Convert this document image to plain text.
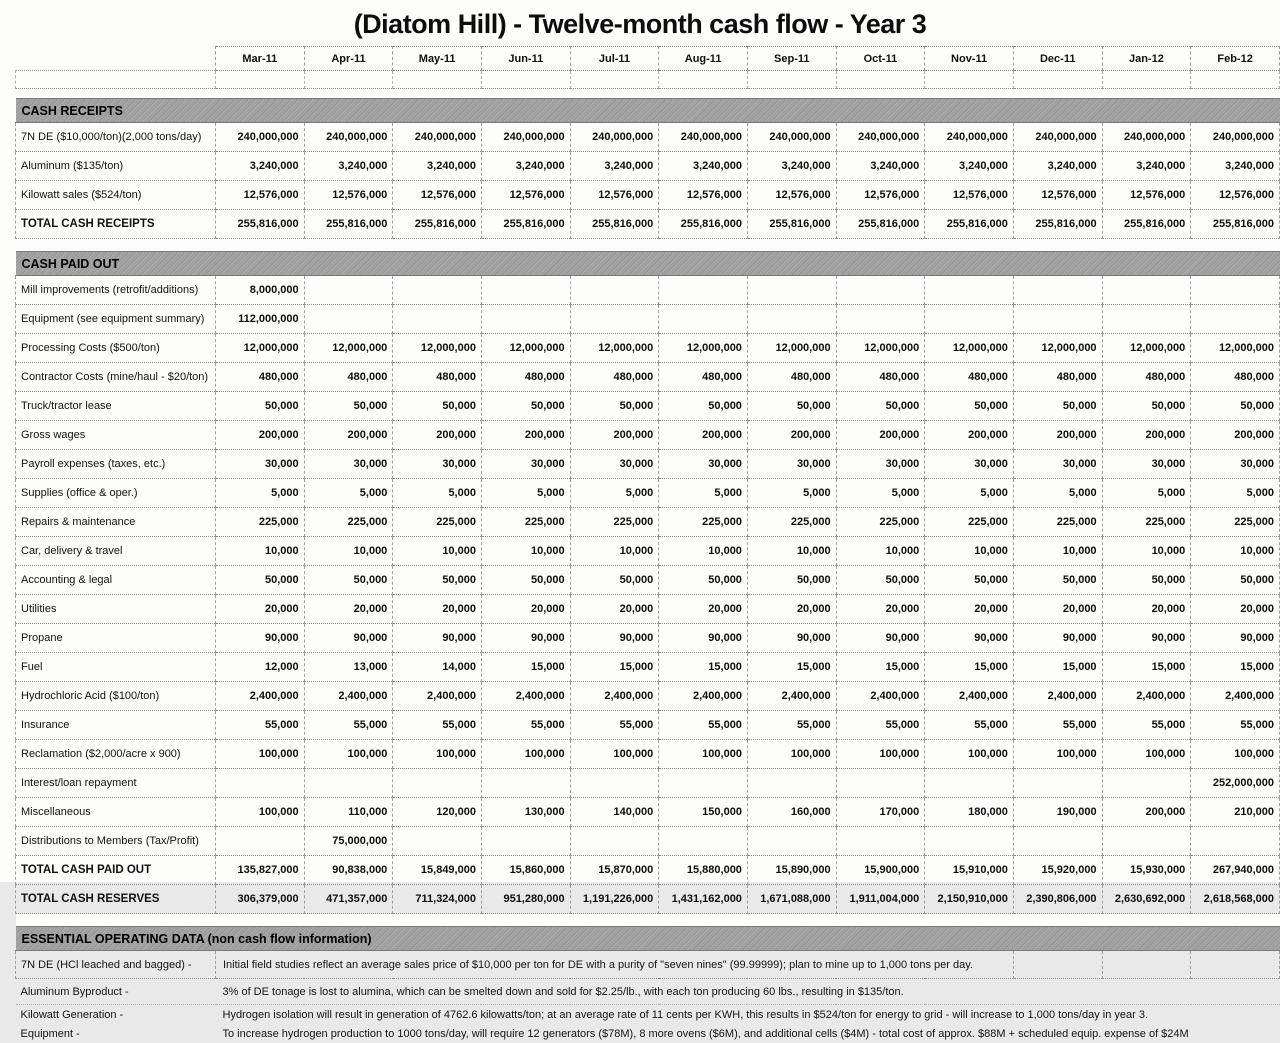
(Diatom Hill) - Twelve-month cash flow - Year 3
	Mar-11	Apr-11	May-11	Jun-11	Jul-11	Aug-11	Sep-11	Oct-11	Nov-11	Dec-11	Jan-12	Feb-12

CASH RECEIPTS												
7N DE ($10,000/ton)(2,000 tons/day)	240,000,000	240,000,000	240,000,000	240,000,000	240,000,000	240,000,000	240,000,000	240,000,000	240,000,000	240,000,000	240,000,000	240,000,000
Aluminum ($135/ton)	3,240,000	3,240,000	3,240,000	3,240,000	3,240,000	3,240,000	3,240,000	3,240,000	3,240,000	3,240,000	3,240,000	3,240,000
Kilowatt sales ($524/ton)	12,576,000	12,576,000	12,576,000	12,576,000	12,576,000	12,576,000	12,576,000	12,576,000	12,576,000	12,576,000	12,576,000	12,576,000
TOTAL CASH RECEIPTS	255,816,000	255,816,000	255,816,000	255,816,000	255,816,000	255,816,000	255,816,000	255,816,000	255,816,000	255,816,000	255,816,000	255,816,000

CASH PAID OUT												
Mill improvements (retrofit/additions)	8,000,000											
Equipment (see equipment summary)	112,000,000											
Processing Costs ($500/ton)	12,000,000	12,000,000	12,000,000	12,000,000	12,000,000	12,000,000	12,000,000	12,000,000	12,000,000	12,000,000	12,000,000	12,000,000
Contractor Costs (mine/haul - $20/ton)	480,000	480,000	480,000	480,000	480,000	480,000	480,000	480,000	480,000	480,000	480,000	480,000
Truck/tractor lease	50,000	50,000	50,000	50,000	50,000	50,000	50,000	50,000	50,000	50,000	50,000	50,000
Gross wages	200,000	200,000	200,000	200,000	200,000	200,000	200,000	200,000	200,000	200,000	200,000	200,000
Payroll expenses (taxes, etc.)	30,000	30,000	30,000	30,000	30,000	30,000	30,000	30,000	30,000	30,000	30,000	30,000
Supplies (office & oper.)	5,000	5,000	5,000	5,000	5,000	5,000	5,000	5,000	5,000	5,000	5,000	5,000
Repairs & maintenance	225,000	225,000	225,000	225,000	225,000	225,000	225,000	225,000	225,000	225,000	225,000	225,000
Car, delivery & travel	10,000	10,000	10,000	10,000	10,000	10,000	10,000	10,000	10,000	10,000	10,000	10,000
Accounting & legal	50,000	50,000	50,000	50,000	50,000	50,000	50,000	50,000	50,000	50,000	50,000	50,000
Utilities	20,000	20,000	20,000	20,000	20,000	20,000	20,000	20,000	20,000	20,000	20,000	20,000
Propane	90,000	90,000	90,000	90,000	90,000	90,000	90,000	90,000	90,000	90,000	90,000	90,000
Fuel	12,000	13,000	14,000	15,000	15,000	15,000	15,000	15,000	15,000	15,000	15,000	15,000
Hydrochloric Acid ($100/ton)	2,400,000	2,400,000	2,400,000	2,400,000	2,400,000	2,400,000	2,400,000	2,400,000	2,400,000	2,400,000	2,400,000	2,400,000
Insurance	55,000	55,000	55,000	55,000	55,000	55,000	55,000	55,000	55,000	55,000	55,000	55,000
Reclamation ($2,000/acre x 900)	100,000	100,000	100,000	100,000	100,000	100,000	100,000	100,000	100,000	100,000	100,000	100,000
Interest/loan repayment												252,000,000
Miscellaneous	100,000	110,000	120,000	130,000	140,000	150,000	160,000	170,000	180,000	190,000	200,000	210,000
Distributions to Members (Tax/Profit)		75,000,000										
TOTAL CASH PAID OUT	135,827,000	90,838,000	15,849,000	15,860,000	15,870,000	15,880,000	15,890,000	15,900,000	15,910,000	15,920,000	15,930,000	267,940,000
TOTAL CASH RESERVES	306,379,000	471,357,000	711,324,000	951,280,000	1,191,226,000	1,431,162,000	1,671,088,000	1,911,004,000	2,150,910,000	2,390,806,000	2,630,692,000	2,618,568,000

ESSENTIAL OPERATING DATA (non cash flow information)												
7N DE (HCl leached and bagged) -	Initial field studies reflect an average sales price of $10,000 per ton for DE with a purity of "seven nines" (99.99999); plan to mine up to 1,000 tons per day.											
Aluminum Byproduct -	3% of DE tonage is lost to alumina, which can be smelted down and sold for $2.25/lb., with each ton producing 60 lbs., resulting in $135/ton.											
Kilowatt Generation -	Hydrogen isolation will result in generation of 4762.6 kilowatts/ton; at an average rate of 11 cents per KWH, this results in $524/ton for energy to grid - will increase to 1,000 tons/day in year 3.											
Equipment -	To increase hydrogen production to 1000 tons/day, will require 12 generators ($78M), 8 more ovens ($6M), and additional cells ($4M) - total cost of approx. $88M + scheduled equip. expense of $24M											
